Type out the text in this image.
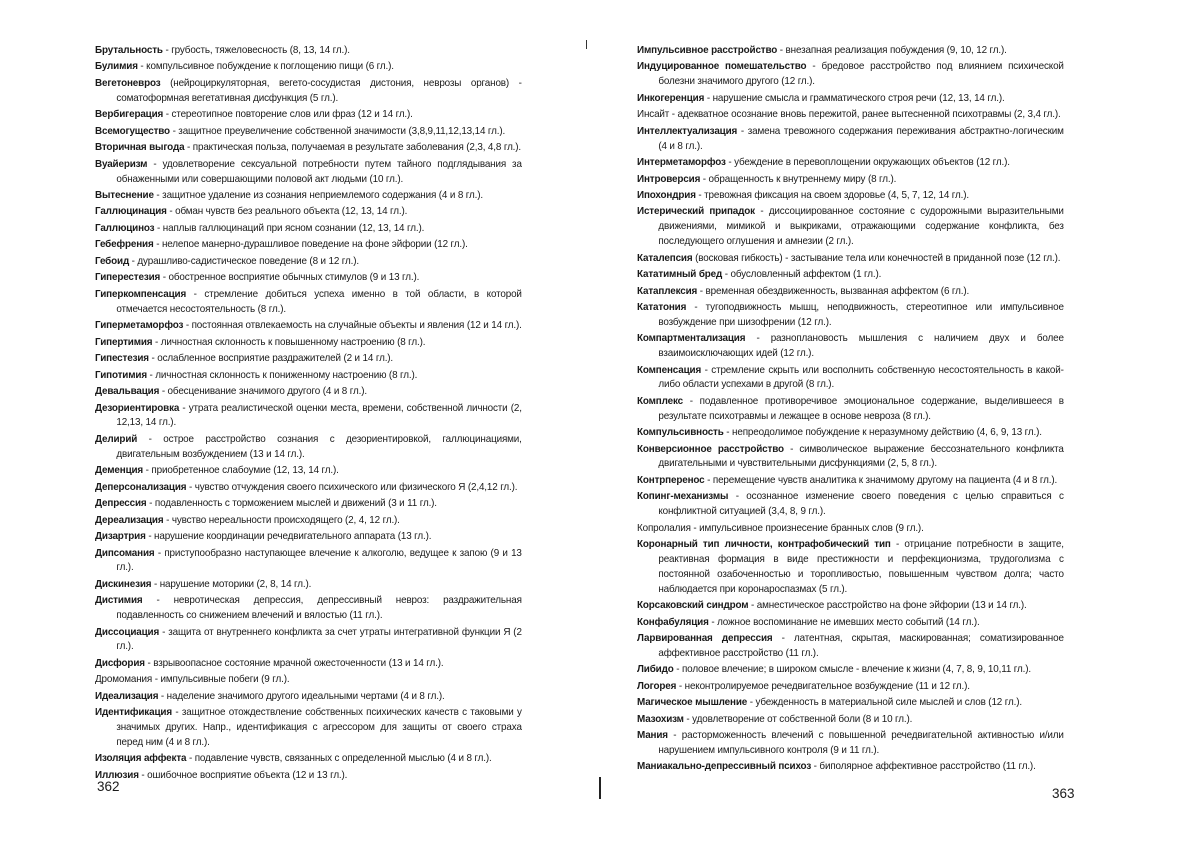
Брутальность - грубость, тяжеловесность (8, 13, 14 гл.).
Булимия - компульсивное побуждение к поглощению пищи (6 гл.).
Вегетоневроз (нейроциркуляторная, вегето-сосудистая дистония, неврозы органов) - соматоформная вегетативная дисфункция (5 гл.).
Вербигерация - стереотипное повторение слов или фраз (12 и 14 гл.).
Всемогущество - защитное преувеличение собственной значимости (3,8,9,11,12,13,14 гл.).
Вторичная выгода - практическая польза, получаемая в результате заболевания (2,3, 4,8 гл.).
Вуайеризм - удовлетворение сексуальной потребности путем тайного подглядывания за обнаженными или совершающими половой акт людьми (10 гл.).
Вытеснение - защитное удаление из сознания неприемлемого содержания (4 и 8 гл.).
Галлюцинация - обман чувств без реального объекта (12, 13, 14 гл.).
Галлюциноз - наплыв галлюцинаций при ясном сознании (12, 13, 14 гл.).
Гебефрения - нелепое манерно-дурашливое поведение на фоне эйфории (12 гл.).
Гебоид - дурашливо-садистическое поведение (8 и 12 гл.).
Гиперестезия - обостренное восприятие обычных стимулов (9 и 13 гл.).
Гиперкомпенсация - стремление добиться успеха именно в той области, в которой отмечается несостоятельность (8 гл.).
Гиперметаморфоз - постоянная отвлекаемость на случайные объекты и явления (12 и 14 гл.).
Гипертимия - личностная склонность к повышенному настроению (8 гл.).
Гипестезия - ослабленное восприятие раздражителей (2 и 14 гл.).
Гипотимия - личностная склонность к пониженному настроению (8 гл.).
Девальвация - обесценивание значимого другого (4 и 8 гл.).
Дезориентировка - утрата реалистической оценки места, времени, собственной личности (2, 12,13, 14 гл.).
Делирий - острое расстройство сознания с дезориентировкой, галлюцинациями, двигательным возбуждением (13 и 14 гл.).
Деменция - приобретенное слабоумие (12, 13, 14 гл.).
Деперсонализация - чувство отчуждения своего психического или физического Я (2,4,12 гл.).
Депрессия - подавленность с торможением мыслей и движений (3 и 11 гл.).
Дереализация - чувство нереальности происходящего (2, 4, 12 гл.).
Дизартрия - нарушение координации речедвигательного аппарата (13 гл.).
Дипсомания - приступообразно наступающее влечение к алкоголю, ведущее к запою (9 и 13 гл.).
Дискинезия - нарушение моторики (2, 8, 14 гл.).
Дистимия - невротическая депрессия, депрессивный невроз: раздражительная подавленность со снижением влечений и вялостью (11 гл.).
Диссоциация - защита от внутреннего конфликта за счет утраты интегративной функции Я (2 гл.).
Дисфория - взрывоопасное состояние мрачной ожесточенности (13 и 14 гл.).
Дромомания - импульсивные побеги (9 гл.).
Идеализация - наделение значимого другого идеальными чертами (4 и 8 гл.).
Идентификация - защитное отождествление собственных психических качеств с таковыми у значимых других. Напр., идентификация с агрессором для защиты от своего страха перед ним (4 и 8 гл.).
Изоляция аффекта - подавление чувств, связанных с определенной мыслью (4 и 8 гл.).
Иллюзия - ошибочное восприятие объекта (12 и 13 гл.).
Импульсивное расстройство - внезапная реализация побуждения (9, 10, 12 гл.).
Индуцированное помешательство - бредовое расстройство под влиянием психической болезни значимого другого (12 гл.).
Инкогеренция - нарушение смысла и грамматического строя речи (12, 13, 14 гл.).
Инсайт - адекватное осознание вновь пережитой, ранее вытесненной психотравмы (2, 3,4 гл.).
Интеллектуализация - замена тревожного содержания переживания абстрактно-логическим (4 и 8 гл.).
Интерметаморфоз - убеждение в перевоплощении окружающих объектов (12 гл.).
Интроверсия - обращенность к внутреннему миру (8 гл.).
Ипохондрия - тревожная фиксация на своем здоровье (4, 5, 7, 12, 14 гл.).
Истерический припадок - диссоциированное состояние с судорожными выразительными движениями, мимикой и выкриками, отражающими содержание конфликта, без последующего оглушения и амнезии (2 гл.).
Каталепсия (восковая гибкость) - застывание тела или конечностей в приданной позе (12 гл.).
Кататимный бред - обусловленный аффектом (1 гл.).
Катаплексия - временная обездвиженность, вызванная аффектом (6 гл.).
Кататония - тугоподвижность мышц, неподвижность, стереотипное или импульсивное возбуждение при шизофрении (12 гл.).
Компартментализация - разноплановость мышления с наличием двух и более взаимоисключающих идей (12 гл.).
Компенсация - стремление скрыть или восполнить собственную несостоятельность в какой-либо области успехами в другой (8 гл.).
Комплекс - подавленное противоречивое эмоциональное содержание, выделившееся в результате психотравмы и лежащее в основе невроза (8 гл.).
Компульсивность - непреодолимое побуждение к неразумному действию (4, 6, 9, 13 гл.).
Конверсионное расстройство - символическое выражение бессознательного конфликта двигательными и чувствительными дисфункциями (2, 5, 8 гл.).
Контрперенос - перемещение чувств аналитика к значимому другому на пациента (4 и 8 гл.).
Копинг-механизмы - осознанное изменение своего поведения с целью справиться с конфликтной ситуацией (3,4, 8, 9 гл.).
Копролалия - импульсивное произнесение бранных слов (9 гл.).
Коронарный тип личности, контрафобический тип - отрицание потребности в защите, реактивная формация в виде престижности и перфекционизма, трудоголизма с постоянной озабоченностью и торопливостью, повышенным чувством долга; часто наблюдается при коронароспазмах (5 гл.).
Корсаковский синдром - амнестическое расстройство на фоне эйфории (13 и 14 гл.).
Конфабуляция - ложное воспоминание не имевших место событий (14 гл.).
Ларвированная депрессия - латентная, скрытая, маскированная; соматизированное аффективное расстройство (11 гл.).
Либидо - половое влечение; в широком смысле - влечение к жизни (4, 7, 8, 9, 10,11 гл.).
Логорея - неконтролируемое речедвигательное возбуждение (11 и 12 гл.).
Магическое мышление - убежденность в материальной силе мыслей и слов (12 гл.).
Мазохизм - удовлетворение от собственной боли (8 и 10 гл.).
Мания - расторможенность влечений с повышенной речедвигательной активностью и/или нарушением импульсивного контроля (9 и 11 гл.).
Маниакально-депрессивный психоз - биполярное аффективное расстройство (11 гл.).
362	363
